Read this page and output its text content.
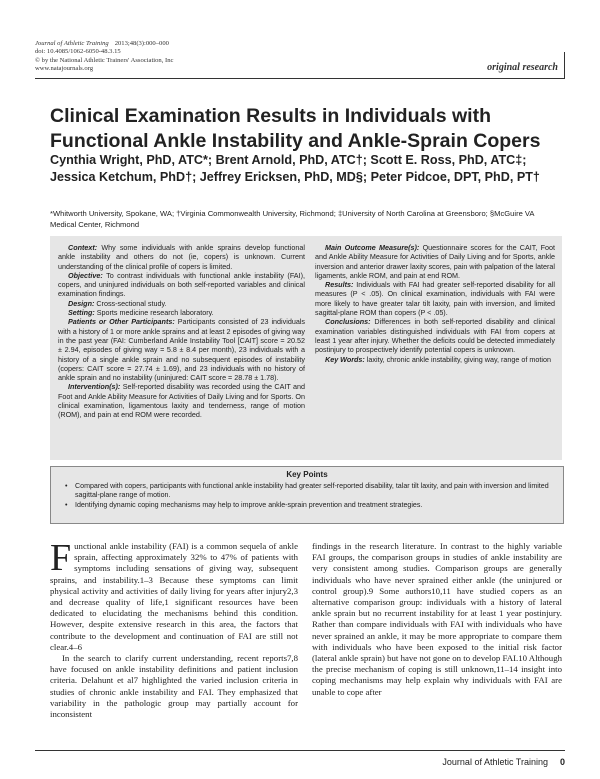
Journal of Athletic Training 2013;48(3):000–000
doi: 10.4085/1062-6050-48.3.15
© by the National Athletic Trainers' Association, Inc
www.natajournals.org	original research
Clinical Examination Results in Individuals with Functional Ankle Instability and Ankle-Sprain Copers
Cynthia Wright, PhD, ATC*; Brent Arnold, PhD, ATC†; Scott E. Ross, PhD, ATC‡; Jessica Ketchum, PhD†; Jeffrey Ericksen, PhD, MD§; Peter Pidcoe, DPT, PhD, PT†
*Whitworth University, Spokane, WA; †Virginia Commonwealth University, Richmond; ‡University of North Carolina at Greensboro; §McGuire VA Medical Center, Richmond

Context: Why some individuals with ankle sprains develop functional ankle instability and others do not (ie, copers) is unknown. Current understanding of the clinical profile of copers is limited.

Objective: To contrast individuals with functional ankle instability (FAI), copers, and uninjured individuals on both self-reported variables and clinical examination findings.

Design: Cross-sectional study.

Setting: Sports medicine research laboratory.

Patients or Other Participants: Participants consisted of 23 individuals with a history of 1 or more ankle sprains and at least 2 episodes of giving way in the past year (FAI: Cumberland Ankle Instability Tool [CAIT] score = 20.52 ± 2.94, episodes of giving way = 5.8 ± 8.4 per month), 23 individuals with a history of a single ankle sprain and no subsequent episodes of instability (copers: CAIT score = 27.74 ± 1.69), and 23 individuals with no history of ankle sprain and no instability (uninjured: CAIT score = 28.78 ± 1.78).

Intervention(s): Self-reported disability was recorded using the CAIT and Foot and Ankle Ability Measure for Activities of Daily Living and for Sports. On clinical examination, ligamentous laxity and tenderness, range of motion (ROM), and pain at end ROM were recorded.

Main Outcome Measure(s): Questionnaire scores for the CAIT, Foot and Ankle Ability Measure for Activities of Daily Living and for Sports, ankle inversion and anterior drawer laxity scores, pain with palpation of the lateral ligaments, ankle ROM, and pain at end ROM.

Results: Individuals with FAI had greater self-reported disability for all measures (P < .05). On clinical examination, individuals with FAI were more likely to have greater talar tilt laxity, pain with inversion, and limited sagittal-plane ROM than copers (P < .05).

Conclusions: Differences in both self-reported disability and clinical examination variables distinguished individuals with FAI from copers at least 1 year after injury. Whether the deficits could be detected immediately postinjury to prospectively identify potential copers is unknown.

Key Words: laxity, chronic ankle instability, giving way, range of motion

Key Points
• Compared with copers, participants with functional ankle instability had greater self-reported disability, talar tilt laxity, and pain with inversion and limited sagittal-plane range of motion.
• Identifying dynamic coping mechanisms may help to improve ankle-sprain prevention and treatment strategies.

Functional ankle instability (FAI) is a common sequela of ankle sprain, affecting approximately 32% to 47% of patients with symptoms including sensations of giving way, subsequent sprains, and instability.1–3 Because these symptoms can limit physical activity and activities of daily living for years after injury2,3 and decrease quality of life,1 significant resources have been dedicated to elucidating the mechanisms behind this condition. However, despite extensive research in this area, the factors that contribute to the development and continuation of FAI are still not clear.4–6

In the search to clarify current understanding, recent reports7,8 have focused on ankle instability definitions and patient inclusion criteria. Delahunt et al7 highlighted the varied inclusion criteria in studies of chronic ankle instability and FAI. They emphasized that variability in the pathologic group may partially account for inconsistent

findings in the research literature. In contrast to the highly variable FAI groups, the comparison groups in studies of ankle instability are very consistent among studies. Comparison groups are generally individuals who have never sprained either ankle (the uninjured or control group).9 Some authors10,11 have studied copers as an alternative comparison group: individuals with a history of lateral ankle sprain but no recurrent instability for at least 1 year postinjury. Rather than compare individuals with FAI with individuals who have never sprained an ankle, it may be more appropriate to compare them with individuals who have been exposed to the initial risk factor (lateral ankle sprain) but have not gone on to develop FAI.10 Although the precise mechanism of coping is still unknown,11–14 insight into coping mechanisms may help explain why individuals with FAI are unable to cope after

Journal of Athletic Training 0
